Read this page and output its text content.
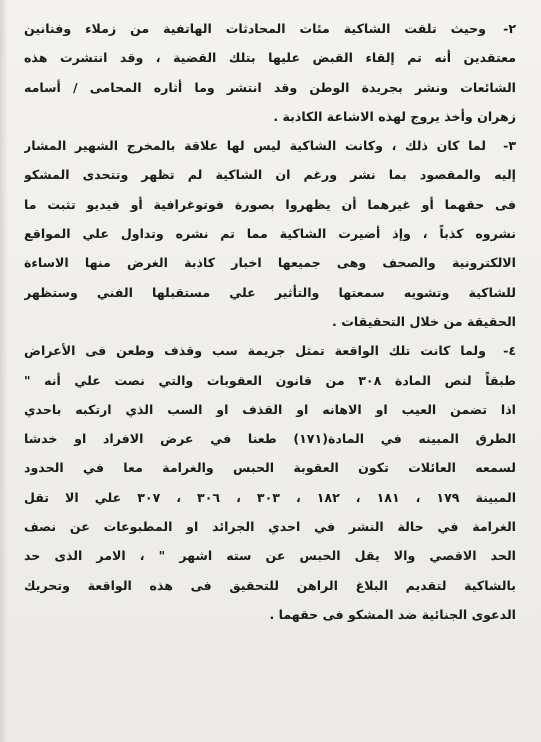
٢-وحيث تلقت الشاكية مئات المحادثات الهاتفية من زملاء وفنانين
معتقدين أنه تم إلقاء القبض عليها بتلك القضية ، وقد انتشرت هذه
الشائعات ونشر بجريدة الوطن وقد انتشر وما أثاره المحامى / أسامه
زهران وأخذ يروج لهذه الاشاعة الكاذبة .
٣-لما كان ذلك ، وكانت الشاكية ليس لها علاقة بالمخرج الشهير المشار
إليه والمقصود بما نشر ورغم ان الشاكية لم تظهر وتتحدى المشكو
فى حقهما أو غيرهما أن يظهروا بصورة فوتوغرافية أو فيديو تثبت ما
نشروه كذباً ، وإذ أضيرت الشاكية مما تم نشره وتداول علي المواقع
الالكترونية والصحف وهى جميعها اخبار كاذبة الغرض منها الاساءة
للشاكية وتشويه سمعتها والتأثير علي مستقبلها الفني وستظهر
الحقيقة من خلال التحقيقات .
٤-ولما كانت تلك الواقعة تمثل جريمة سب وقذف وطعن فى الأعراض
طبقاً لنص المادة ٣٠٨ من قانون العقوبات والتي نصت علي أنه "
اذا تضمن العيب او الاهانه او القذف او السب الذي ارتكبه باحدي
الطرق المبينه في المادة(١٧١) طعنا في عرض الافراد او خدشا
لسمعه العائلات تكون العقوبة الحبس والغرامة معا في الحدود
المبينة ١٧٩ ، ١٨١ ، ١٨٢ ، ٣٠٣ ، ٣٠٦ ، ٣٠٧ علي الا تقل
الغرامة في حالة النشر في احدي الجرائد او المطبوعات عن نصف
الحد الاقصي والا يقل الحبس عن سته اشهر " ، الامر الذى حد
بالشاكية لتقديم البلاغ الراهن للتحقيق فى هذه الواقعة وتحريك
الدعوى الجنائية ضد المشكو فى حقهما .
